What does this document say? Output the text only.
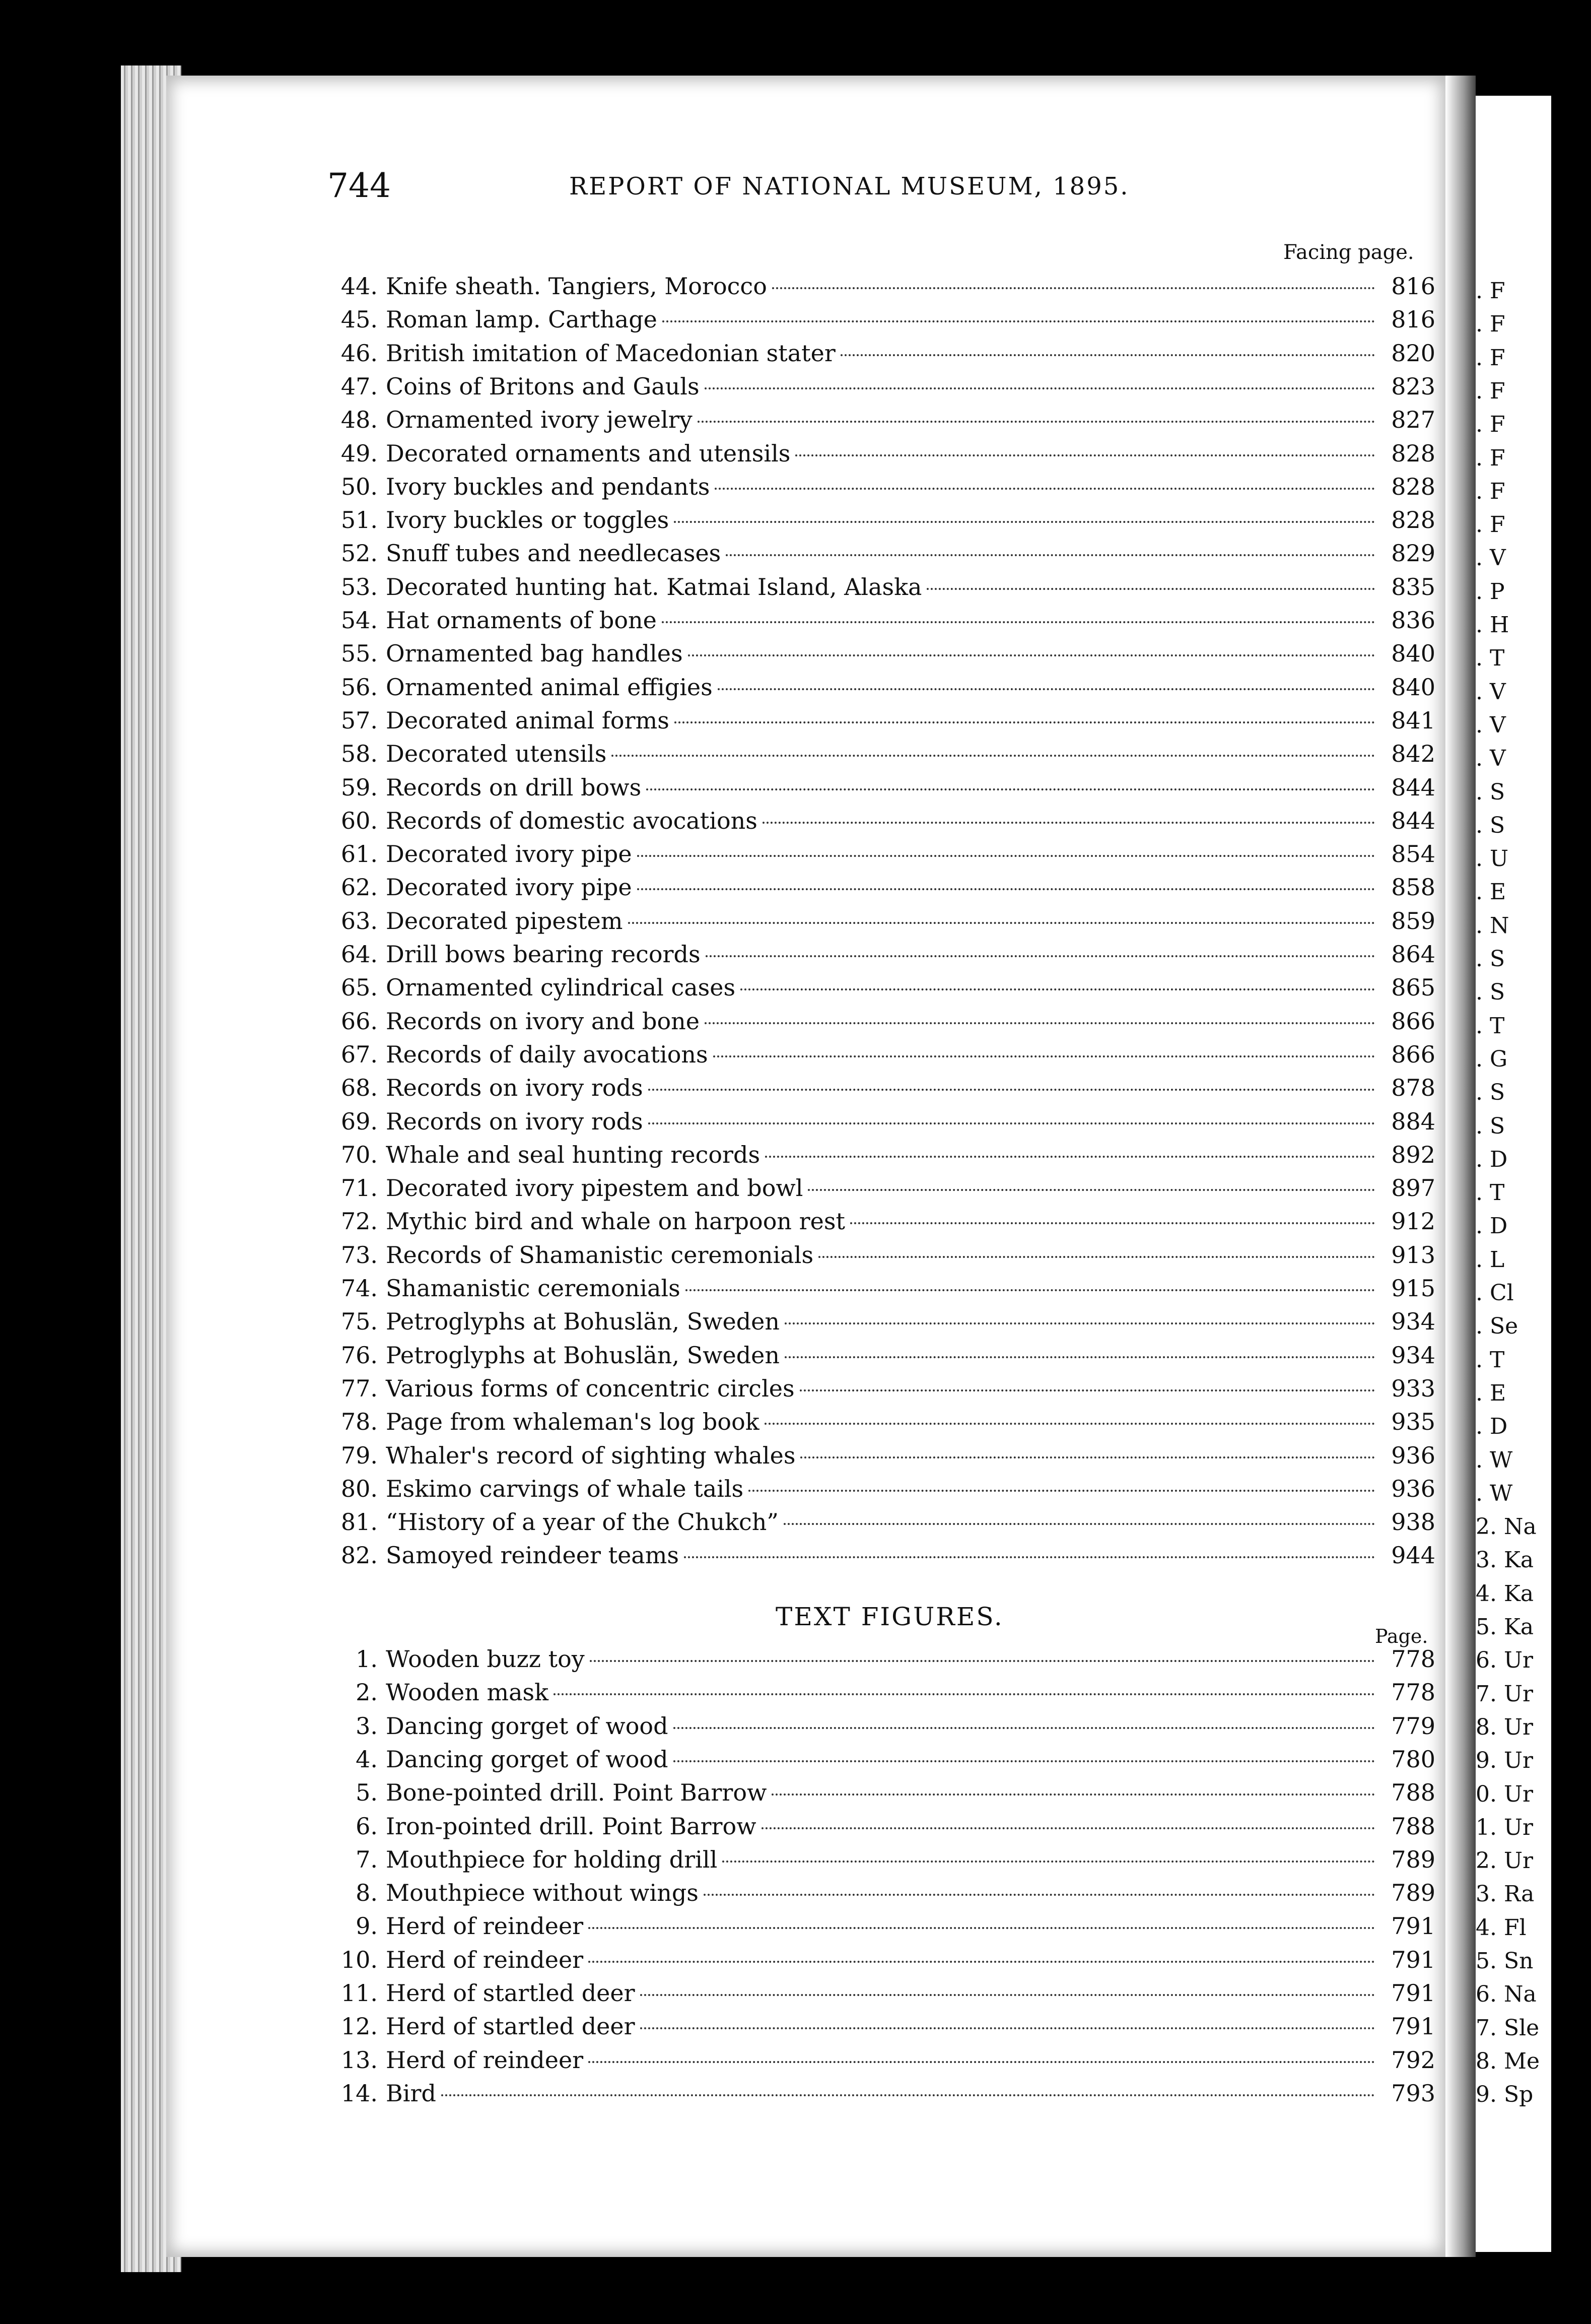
. F
. F
. F
. F
. F
. F
. F
. F
. V
. P
. H
. T
. V
. V
. V
. S
. S
. U
. E
. N
. S
. S
. T
. G
. S
. S
. D
. T
. D
. L
. Cl
. Se
. T
. E
. D
. W
. W
2. Na
3. Ka
4. Ka
5. Ka
6. Ur
7. Ur
8. Ur
9. Ur
0. Ur
1. Ur
2. Ur
3. Ra
4. Fl
5. Sn
6. Na
7. Sle
8. Me
9. Sp
744	REPORT OF NATIONAL MUSEUM, 1895.
Facing page.
44. Knife sheath. Tangiers, Morocco	816
45. Roman lamp. Carthage	816
46. British imitation of Macedonian stater	820
47. Coins of Britons and Gauls	823
48. Ornamented ivory jewelry	827
49. Decorated ornaments and utensils	828
50. Ivory buckles and pendants	828
51. Ivory buckles or toggles	828
52. Snuff tubes and needlecases	829
53. Decorated hunting hat. Katmai Island, Alaska	835
54. Hat ornaments of bone	836
55. Ornamented bag handles	840
56. Ornamented animal effigies	840
57. Decorated animal forms	841
58. Decorated utensils	842
59. Records on drill bows	844
60. Records of domestic avocations	844
61. Decorated ivory pipe	854
62. Decorated ivory pipe	858
63. Decorated pipestem	859
64. Drill bows bearing records	864
65. Ornamented cylindrical cases	865
66. Records on ivory and bone	866
67. Records of daily avocations	866
68. Records on ivory rods	878
69. Records on ivory rods	884
70. Whale and seal hunting records	892
71. Decorated ivory pipestem and bowl	897
72. Mythic bird and whale on harpoon rest	912
73. Records of Shamanistic ceremonials	913
74. Shamanistic ceremonials	915
75. Petroglyphs at Bohuslän, Sweden	934
76. Petroglyphs at Bohuslän, Sweden	934
77. Various forms of concentric circles	933
78. Page from whaleman's log book	935
79. Whaler's record of sighting whales	936
80. Eskimo carvings of whale tails	936
81. “History of a year of the Chukch”	938
82. Samoyed reindeer teams	944
TEXT FIGURES.
Page.
1. Wooden buzz toy	778
2. Wooden mask	778
3. Dancing gorget of wood	779
4. Dancing gorget of wood	780
5. Bone-pointed drill. Point Barrow	788
6. Iron-pointed drill. Point Barrow	788
7. Mouthpiece for holding drill	789
8. Mouthpiece without wings	789
9. Herd of reindeer	791
10. Herd of reindeer	791
11. Herd of startled deer	791
12. Herd of startled deer	791
13. Herd of reindeer	792
14. Bird	793
